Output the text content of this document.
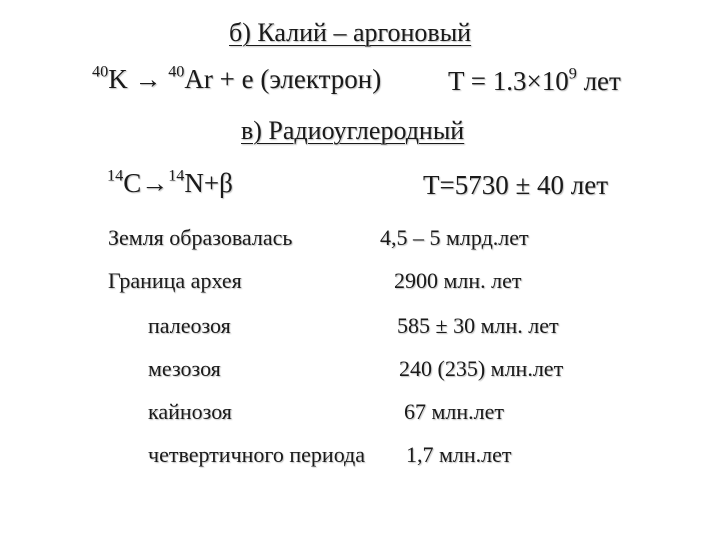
б) Калий – аргоновый
$^{40}$K → $^{40}$Ar + e (электрон) $T = 1.3\times 10^9$ лет
в) Радиоуглеродный
$^{14}$C→$^{14}$N+β	T=5730 ± 40 лет
Земля образовалась	4,5 – 5 млрд.лет
Граница архея	2900 млн. лет
палеозоя	585 ± 30 млн. лет
мезозоя	240 (235) млн.лет
кайнозоя	67 млн.лет
четвертичного периода 1,7 млн.лет
